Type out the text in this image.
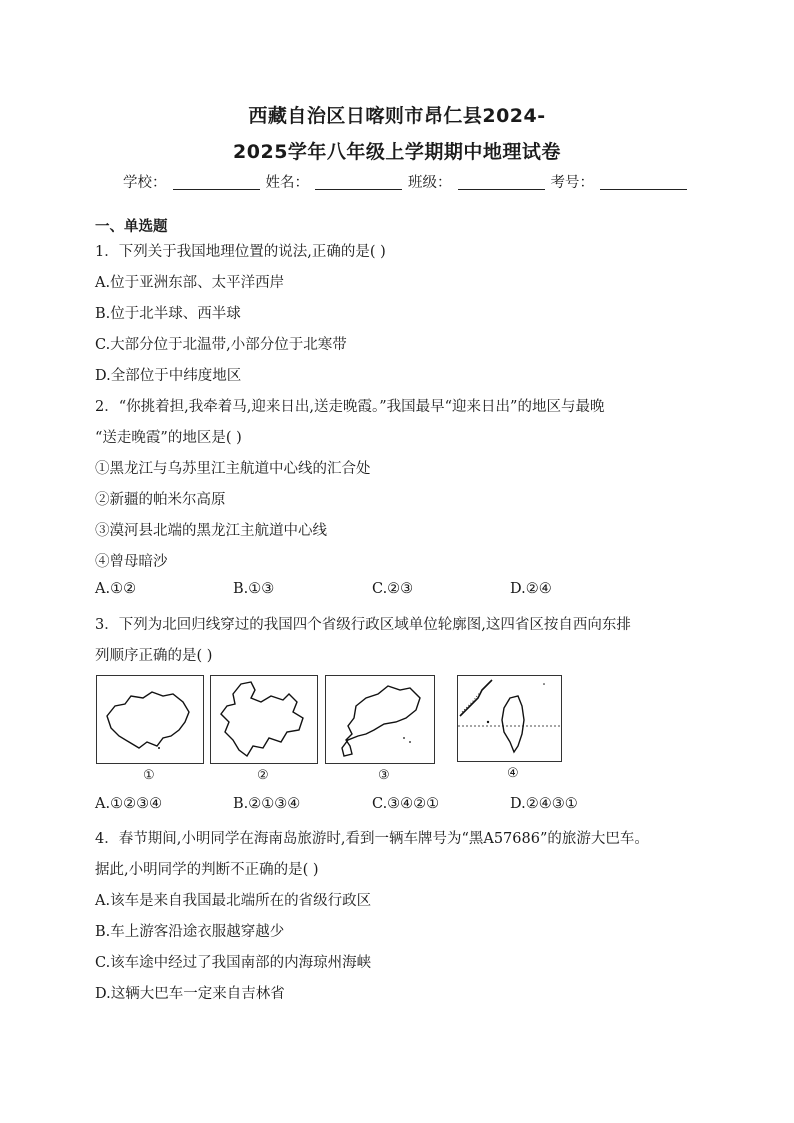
西藏自治区日喀则市昂仁县2024-
2025学年八年级上学期期中地理试卷
学校：	姓名：	班级：	考号：
一、单选题
1．下列关于我国地理位置的说法,正确的是( )
A.位于亚洲东部、太平洋西岸
B.位于北半球、西半球
C.大部分位于北温带,小部分位于北寒带
D.全部位于中纬度地区
2．“你挑着担,我牵着马,迎来日出,送走晚霞。”我国最早“迎来日出”的地区与最晚
“送走晚霞”的地区是( )
①黑龙江与乌苏里江主航道中心线的汇合处
②新疆的帕米尔高原
③漠河县北端的黑龙江主航道中心线
④曾母暗沙
A.①②	B.①③	C.②③	D.②④
3．下列为北回归线穿过的我国四个省级行政区域单位轮廓图,这四省区按自西向东排
列顺序正确的是( )
①	②	③	④
A.①②③④	B.②①③④	C.③④②①	D.②④③①
4．春节期间,小明同学在海南岛旅游时,看到一辆车牌号为“黑A57686”的旅游大巴车。
据此,小明同学的判断不正确的是( )
A.该车是来自我国最北端所在的省级行政区
B.车上游客沿途衣服越穿越少
C.该车途中经过了我国南部的内海琼州海峡
D.这辆大巴车一定来自吉林省
